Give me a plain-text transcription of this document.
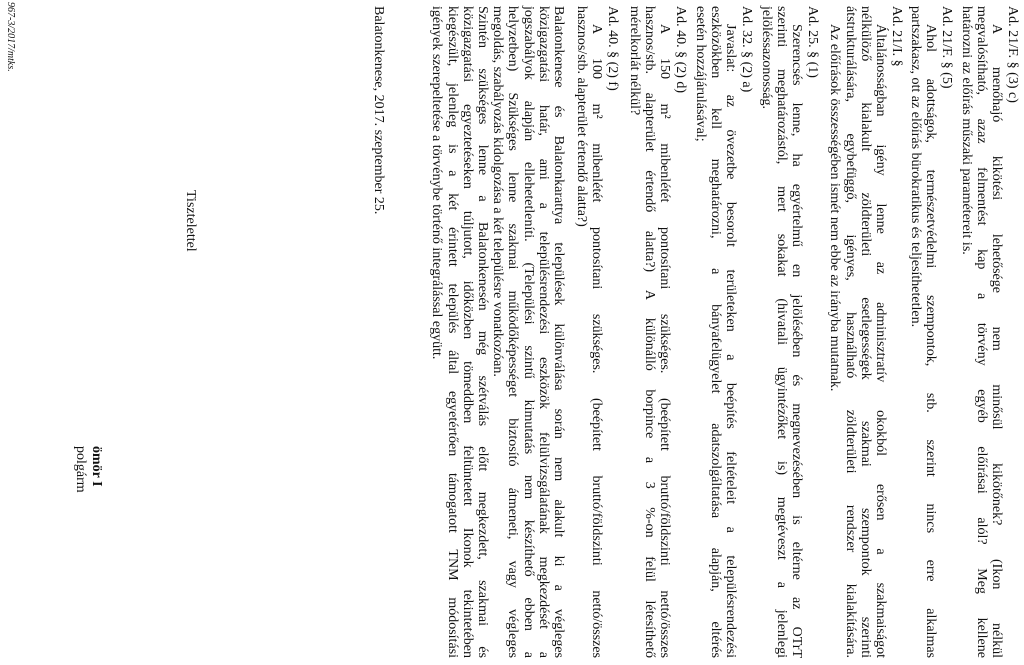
Ad. 21/F. § (3) c)
A menőhajó kikötési lehetősége nem minősül kikötőnek? (Ikon nélkül
megvalósítható, azaz felmentést kap a törvény egyéb előírásai alól? Meg kellene
határozni az előírás műszaki paramétereit is.
Ad. 21/F. § (5)
Ahol adottságok, természetvédelmi szempontok, stb. szerint nincs erre alkalmas
partszakasz, ott az előírás bürokratikus és teljesíthetetlen.
Ad. 21/I. §
Általánosságban igény lenne az adminisztratív okokból erősen a szakmaiságot
nélkülöző kialakult zöldterületi esetlegességek szakmai szempontok szerinti
átstrukturálására, egybefüggő, igényes, használható zöldterületi rendszer kialakítására.
Az előírások összességében ismét nem ebbe az irányba mutatnak.
Ad. 25. § (1)
Szerencsés lenne, ha egyértelmű en jelölésében és megnevezésében is eltérne az OTrT
szerinti meghatározástól, mert sokakat (hivatali ügyintézőket is) megtéveszt a jelenlegi
jelöléssazonosság.
Ad. 32. § (2) a)
Javaslat: az övezetbe besorolt területeken a beépítés feltételeit a településrendezési
eszközökben kell meghatározni, a bányafelügyelet adatszolgáltatása alapján, eltérés
esetén hozzájárulásával;
Ad. 40. § (2) d)
A 150 m² mibenlétét pontosítani szükséges. (beépített bruttó/földszinti nettó/összes
hasznos/stb. alapterület értendő alatta?) A különálló borpince a 3 %-on felül létesíthető
mérelkorlát nélkül?
Ad. 40. § (2) f)
A 100 m² mibenlétét pontosítani szükséges. (beépített bruttó/földszinti nettó/összes
hasznos/stb. alapterület értendő alatta?)
Balatonkenese és Balatonkarattya települések különválása során nem alakult ki a végleges
közigazgatási határ, ami a településrendezési eszközök felülvizsgálatának megkezdését a
jogszabályok alapján ellehetetleníti. (Települési szintű kimutatás nem készíthető ebben a
helyzetben) Szükséges lenne szakmai működőképességet biztosító átmeneti, vagy végleges
megoldás, szabályozás kidolgozása a két településre vonatkozóan.
Szintén szükséges lenne a Balatonkenesén még szétválás előtt megkezdett, szakmai és
közigazgatási egyeztetéseken túljutott, időközben tömeddben feltüntetett Ikonok tekintetében
kiegészült, jelenleg is a két érintett település által egyetértően támogatott TNM módosítási
igények szerepeltetése a törvénybe történő integrálással együtt.
Balatonkenese, 2017. szeptember 25.
Tisztelettel
ömör I
polgárm
967-3/2017/mtks.
